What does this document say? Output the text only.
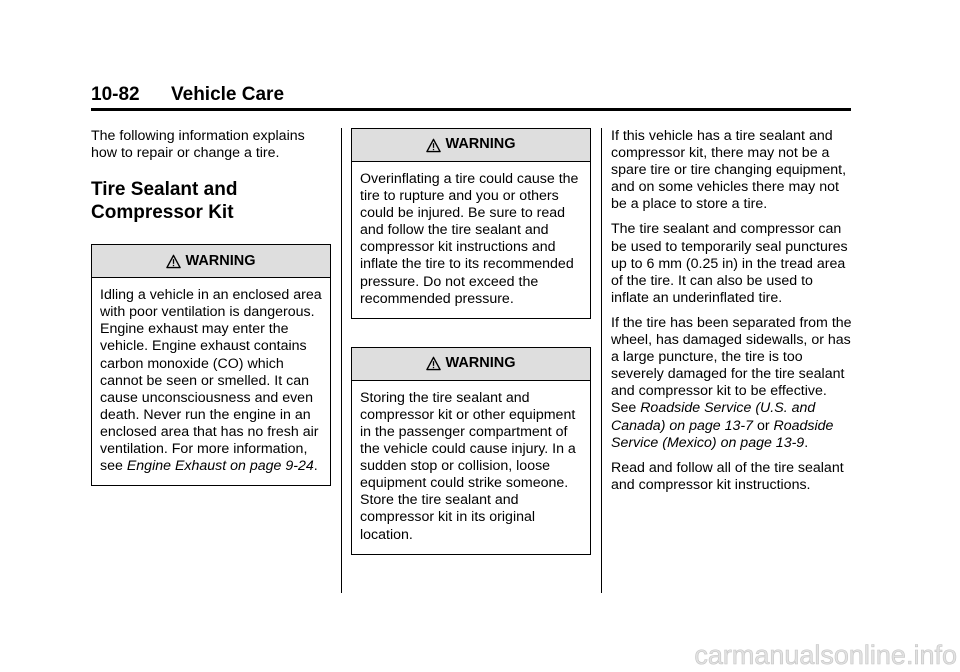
10-82 Vehicle Care

The following information explains how to repair or change a tire.

Tire Sealant and
Compressor Kit
WARNING
Idling a vehicle in an enclosed area with poor ventilation is dangerous. Engine exhaust may enter the vehicle. Engine exhaust contains carbon monoxide (CO) which cannot be seen or smelled. It can cause unconsciousness and even death. Never run the engine in an enclosed area that has no fresh air ventilation. For more information, see Engine Exhaust on page 9-24.
WARNING
Overinflating a tire could cause the tire to rupture and you or others could be injured. Be sure to read and follow the tire sealant and compressor kit instructions and inflate the tire to its recommended pressure. Do not exceed the recommended pressure.
WARNING
Storing the tire sealant and compressor kit or other equipment in the passenger compartment of the vehicle could cause injury. In a sudden stop or collision, loose equipment could strike someone. Store the tire sealant and compressor kit in its original location.

If this vehicle has a tire sealant and compressor kit, there may not be a spare tire or tire changing equipment, and on some vehicles there may not be a place to store a tire.

The tire sealant and compressor can be used to temporarily seal punctures up to 6 mm (0.25 in) in the tread area of the tire. It can also be used to inflate an underinflated tire.

If the tire has been separated from the wheel, has damaged sidewalls, or has a large puncture, the tire is too severely damaged for the tire sealant and compressor kit to be effective. See Roadside Service (U.S. and Canada) on page 13-7 or Roadside Service (Mexico) on page 13-9.

Read and follow all of the tire sealant and compressor kit instructions.

carmanualsonline.info
